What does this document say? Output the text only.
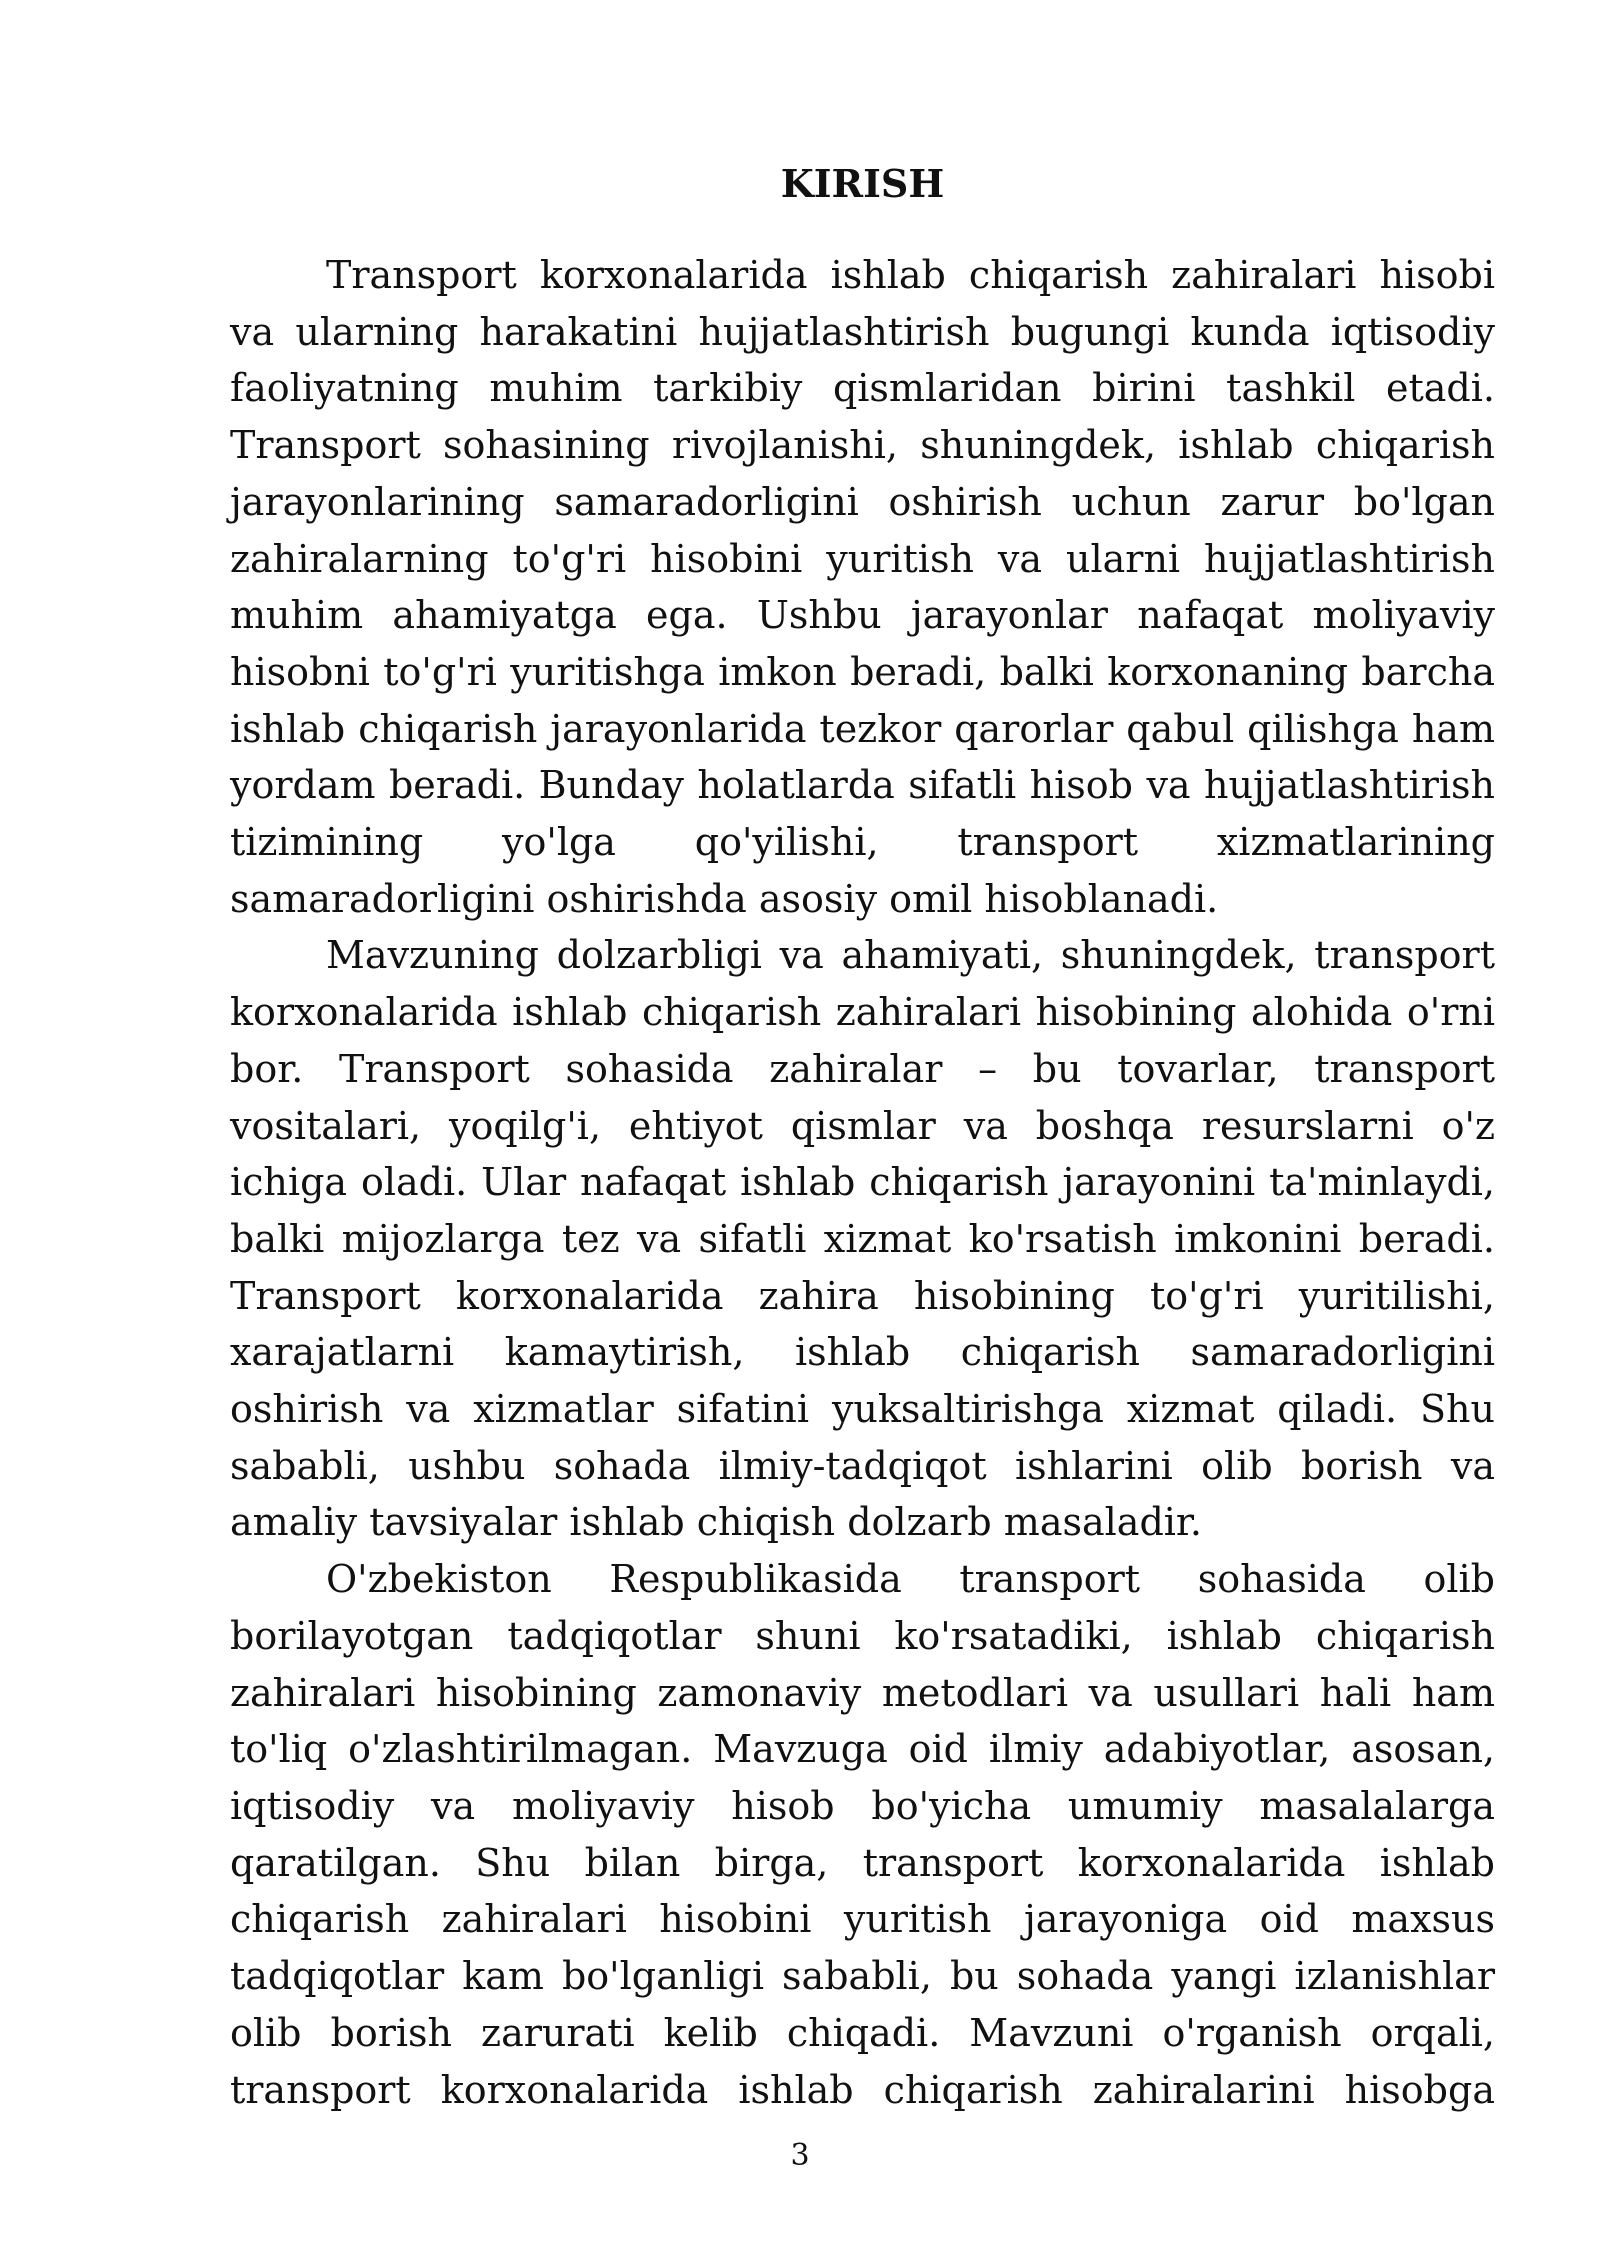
KIRISH

Transport korxonalarida ishlab chiqarish zahiralari hisobi va ularning harakatini hujjatlashtirish bugungi kunda iqtisodiy faoliyatning muhim tarkibiy qismlaridan birini tashkil etadi. Transport sohasining rivojlanishi, shuningdek, ishlab chiqarish jarayonlarining samaradorligini oshirish uchun zarur bo'lgan zahiralarning to'g'ri hisobini yuritish va ularni hujjatlashtirish muhim ahamiyatga ega. Ushbu jarayonlar nafaqat moliyaviy hisobni to'g'ri yuritishga imkon beradi, balki korxonaning barcha ishlab chiqarish jarayonlarida tezkor qarorlar qabul qilishga ham yordam beradi. Bunday holatlarda sifatli hisob va hujjatlashtirish tizimining yo'lga qo'yilishi, transport xizmatlarining samaradorligini oshirishda asosiy omil hisoblanadi.

Mavzuning dolzarbligi va ahamiyati, shuningdek, transport korxonalarida ishlab chiqarish zahiralari hisobining alohida o'rni bor. Transport sohasida zahiralar – bu tovarlar, transport vositalari, yoqilg'i, ehtiyot qismlar va boshqa resurslarni o'z ichiga oladi. Ular nafaqat ishlab chiqarish jarayonini ta'minlaydi, balki mijozlarga tez va sifatli xizmat ko'rsatish imkonini beradi. Transport korxonalarida zahira hisobining to'g'ri yuritilishi, xarajatlarni kamaytirish, ishlab chiqarish samaradorligini oshirish va xizmatlar sifatini yuksaltirishga xizmat qiladi. Shu sababli, ushbu sohada ilmiy-tadqiqot ishlarini olib borish va amaliy tavsiyalar ishlab chiqish dolzarb masaladir.

O'zbekiston Respublikasida transport sohasida olib borilayotgan tadqiqotlar shuni ko'rsatadiki, ishlab chiqarish zahiralari hisobining zamonaviy metodlari va usullari hali ham to'liq o'zlashtirilmagan. Mavzuga oid ilmiy adabiyotlar, asosan, iqtisodiy va moliyaviy hisob bo'yicha umumiy masalalarga qaratilgan. Shu bilan birga, transport korxonalarida ishlab chiqarish zahiralari hisobini yuritish jarayoniga oid maxsus tadqiqotlar kam bo'lganligi sababli, bu sohada yangi izlanishlar olib borish zarurati kelib chiqadi. Mavzuni o'rganish orqali, transport korxonalarida ishlab chiqarish zahiralarini hisobga

3
